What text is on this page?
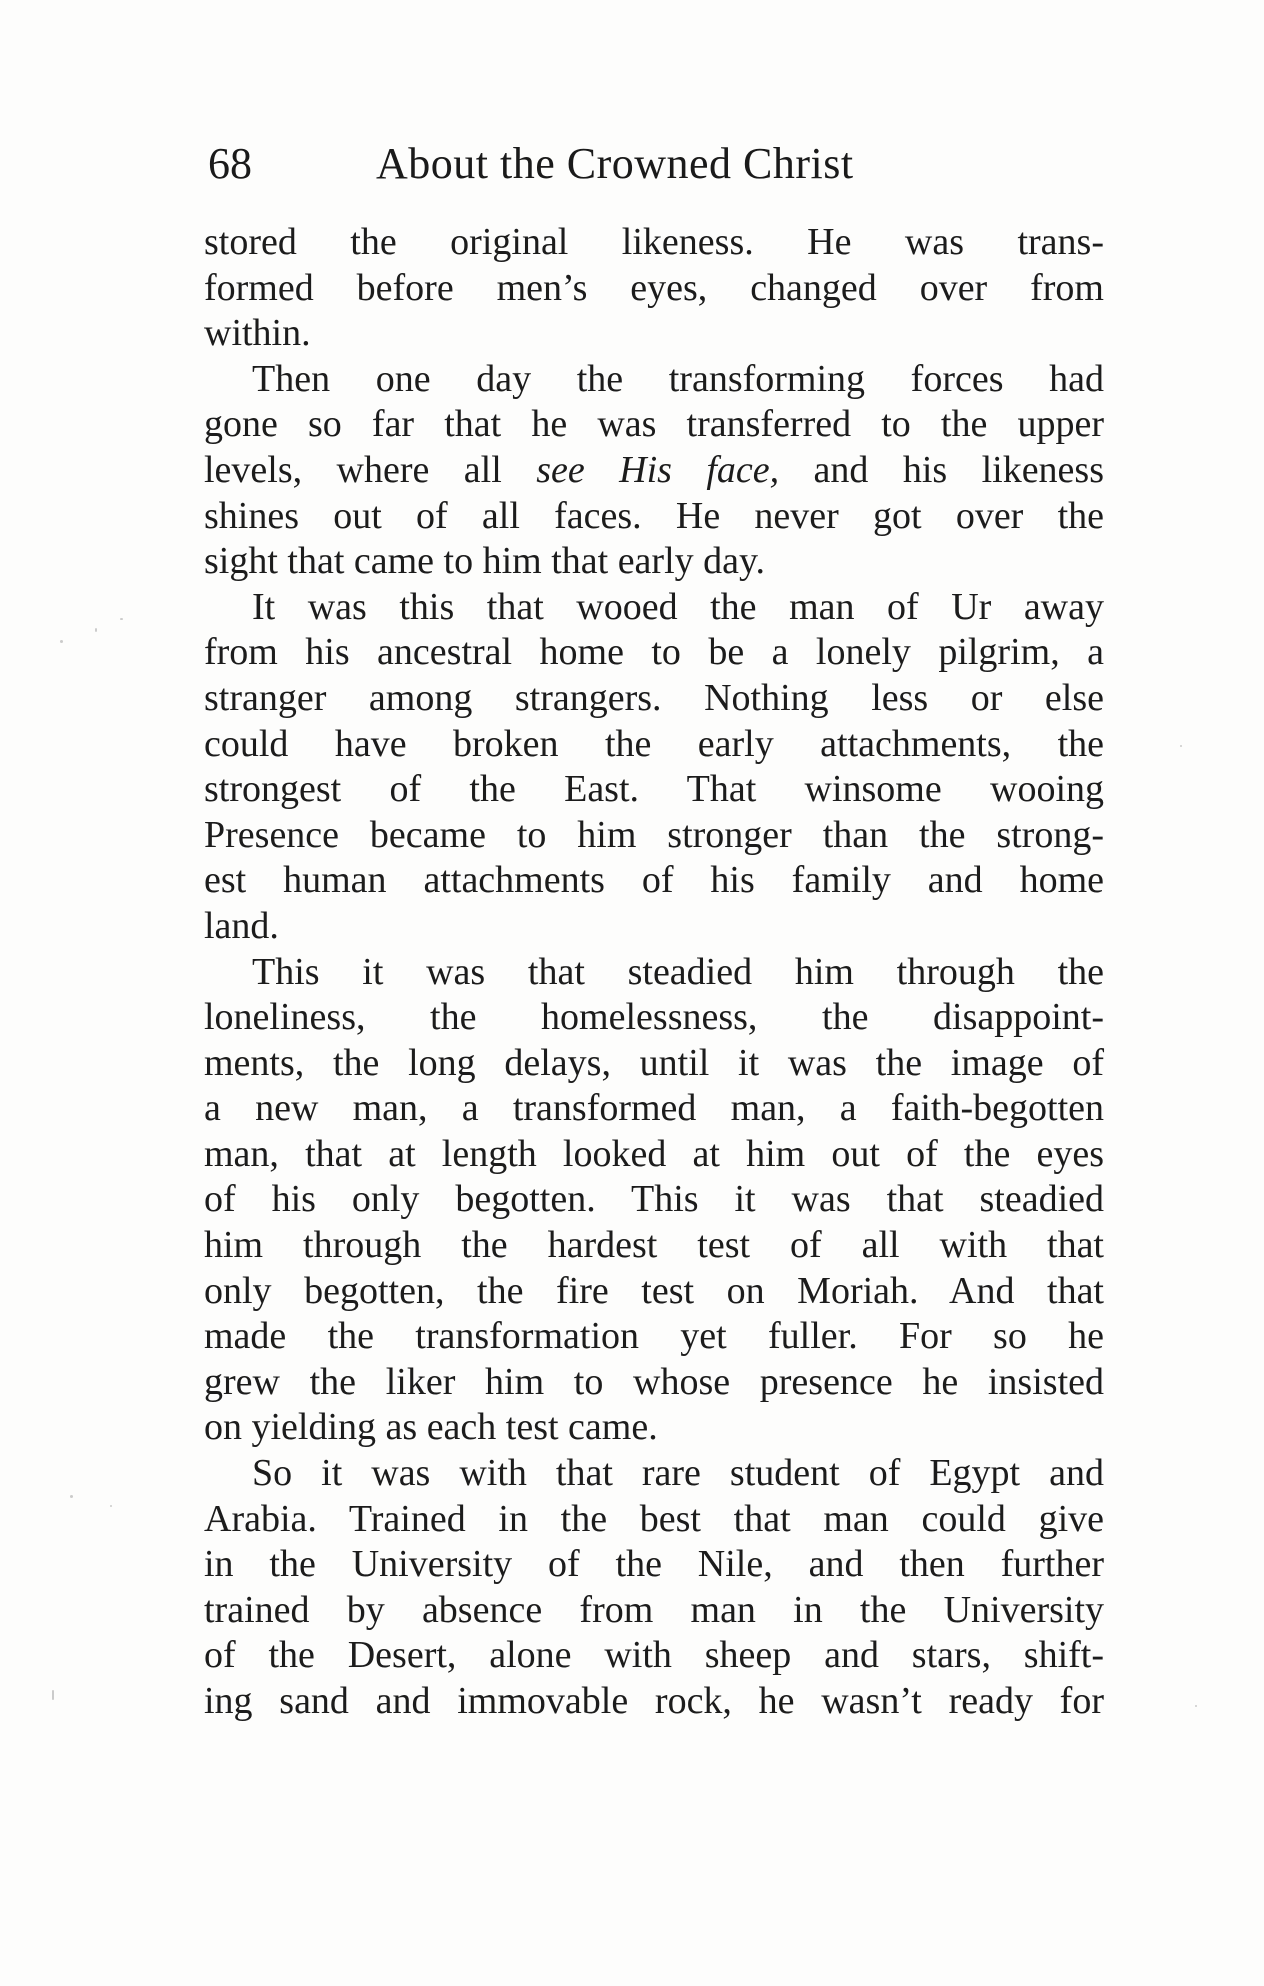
68	About the Crowned Christ
stored the original likeness. He was trans-
formed before men’s eyes, changed over from
within.
Then one day the transforming forces had
gone so far that he was transferred to the upper
levels, where all see His face, and his likeness
shines out of all faces. He never got over the
sight that came to him that early day.
It was this that wooed the man of Ur away
from his ancestral home to be a lonely pilgrim, a
stranger among strangers. Nothing less or else
could have broken the early attachments, the
strongest of the East. That winsome wooing
Presence became to him stronger than the strong-
est human attachments of his family and home
land.
This it was that steadied him through the
loneliness, the homelessness, the disappoint-
ments, the long delays, until it was the image of
a new man, a transformed man, a faith-begotten
man, that at length looked at him out of the eyes
of his only begotten. This it was that steadied
him through the hardest test of all with that
only begotten, the fire test on Moriah. And that
made the transformation yet fuller. For so he
grew the liker him to whose presence he insisted
on yielding as each test came.
So it was with that rare student of Egypt and
Arabia. Trained in the best that man could give
in the University of the Nile, and then further
trained by absence from man in the University
of the Desert, alone with sheep and stars, shift-
ing sand and immovable rock, he wasn’t ready for
